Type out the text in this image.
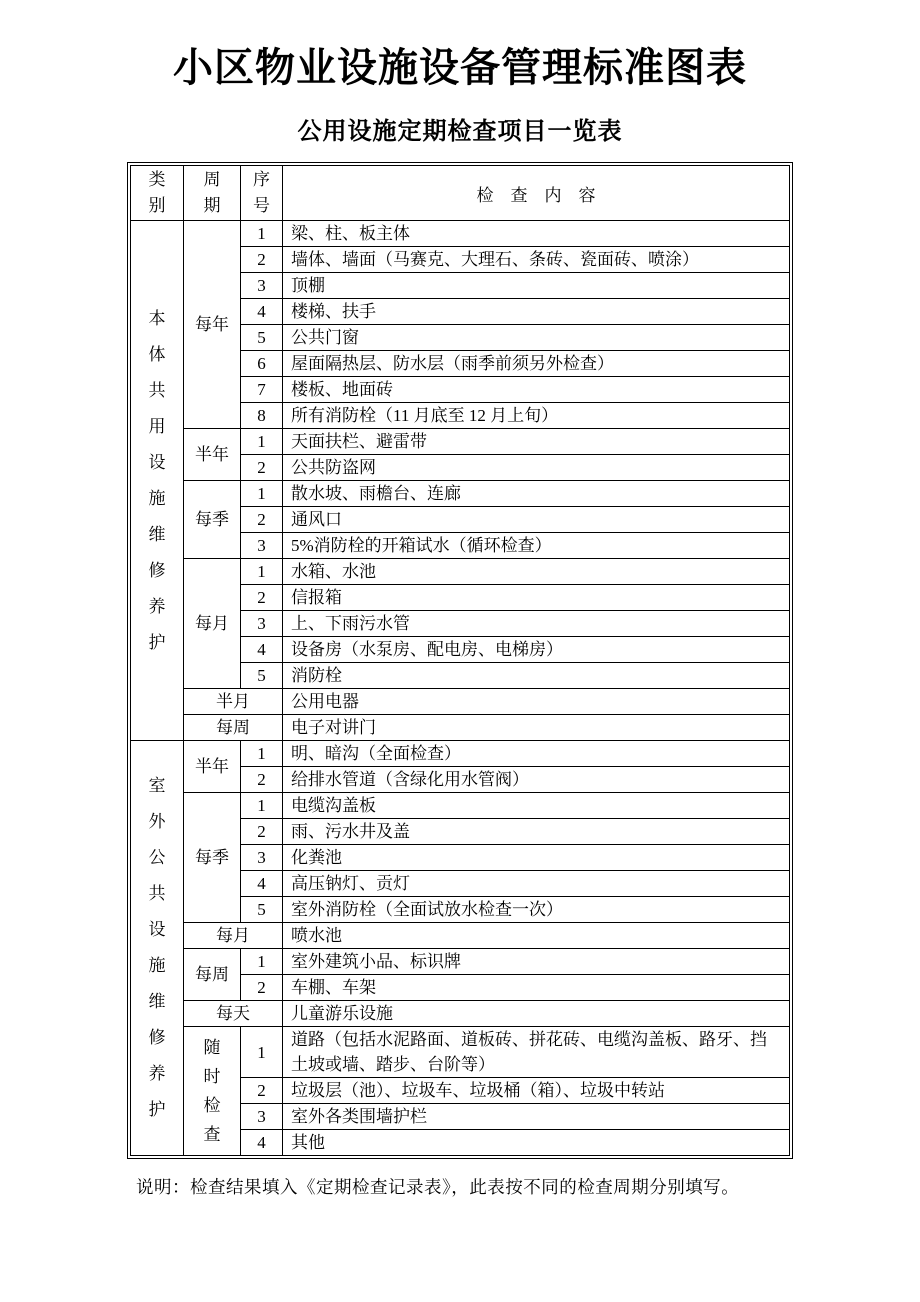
小区物业设施设备管理标准图表
公用设施定期检查项目一览表
类别	周期	序号	检　查　内　容
本体共用设施维修养护	每年	1	梁、柱、板主体
		2	墙体、墙面（马赛克、大理石、条砖、瓷面砖、喷涂）
		3	顶棚
		4	楼梯、扶手
		5	公共门窗
		6	屋面隔热层、防水层（雨季前须另外检查）
		7	楼板、地面砖
		8	所有消防栓（11 月底至 12 月上旬）
	半年	1	天面扶栏、避雷带
		2	公共防盗网
	每季	1	散水坡、雨檐台、连廊
		2	通风口
		3	5%消防栓的开箱试水（循环检查）
	每月	1	水箱、水池
		2	信报箱
		3	上、下雨污水管
		4	设备房（水泵房、配电房、电梯房）
		5	消防栓
	半月		公用电器
	每周		电子对讲门
室外公共设施维修养护	半年	1	明、暗沟（全面检查）
		2	给排水管道（含绿化用水管阀）
	每季	1	电缆沟盖板
		2	雨、污水井及盖
		3	化粪池
		4	高压钠灯、贡灯
		5	室外消防栓（全面试放水检查一次）
	每月		喷水池
	每周	1	室外建筑小品、标识牌
		2	车棚、车架
	每天		儿童游乐设施
	随时检查	1	道路（包括水泥路面、道板砖、拼花砖、电缆沟盖板、路牙、挡土坡或墙、踏步、台阶等）
		2	垃圾层（池）、垃圾车、垃圾桶（箱）、垃圾中转站
		3	室外各类围墙护栏
		4	其他
说明：检查结果填入《定期检查记录表》，此表按不同的检查周期分别填写。
